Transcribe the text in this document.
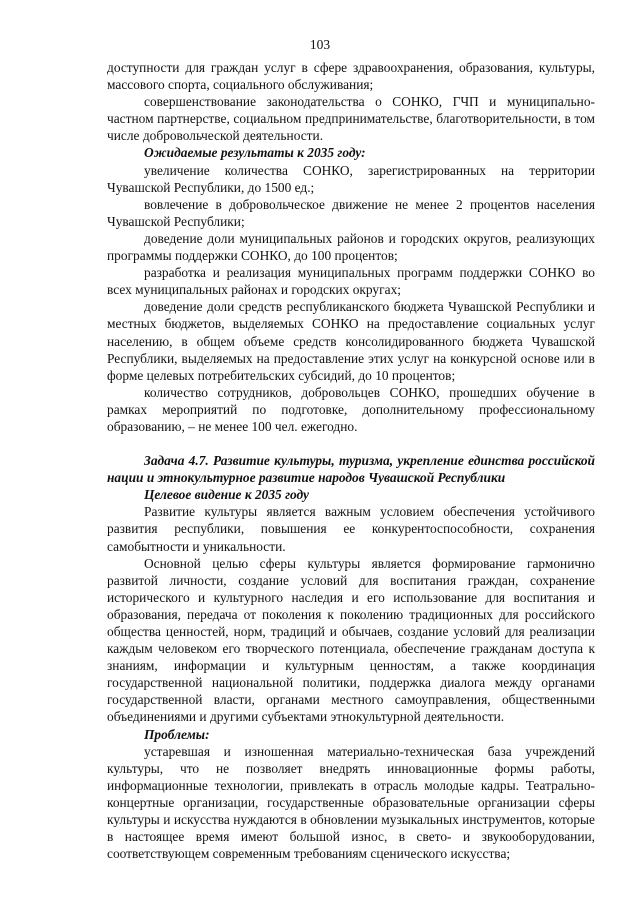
103

доступности для граждан услуг в сфере здравоохранения, образования, культуры, массового спорта, социального обслуживания;

совершенствование законодательства о СОНКО, ГЧП и муниципально-частном партнерстве, социальном предпринимательстве, благотворительности, в том числе добровольческой деятельности.

Ожидаемые результаты к 2035 году:

увеличение количества СОНКО, зарегистрированных на территории Чувашской Республики, до 1500 ед.;

вовлечение в добровольческое движение не менее 2 процентов населения Чувашской Республики;

доведение доли муниципальных районов и городских округов, реализующих программы поддержки СОНКО, до 100 процентов;

разработка и реализация муниципальных программ поддержки СОНКО во всех муниципальных районах и городских округах;

доведение доли средств республиканского бюджета Чувашской Республики и местных бюджетов, выделяемых СОНКО на предоставление социальных услуг населению, в общем объеме средств консолидированного бюджета Чувашской Республики, выделяемых на предоставление этих услуг на конкурсной основе или в форме целевых потребительских субсидий, до 10 процентов;

количество сотрудников, добровольцев СОНКО, прошедших обучение в рамках мероприятий по подготовке, дополнительному профессиональному образованию, – не менее 100 чел. ежегодно.

Задача 4.7. Развитие культуры, туризма, укрепление единства российской нации и этнокультурное развитие народов Чувашской Республики

Целевое видение к 2035 году

Развитие культуры является важным условием обеспечения устойчивого развития республики, повышения ее конкурентоспособности, сохранения самобытности и уникальности.

Основной целью сферы культуры является формирование гармонично развитой личности, создание условий для воспитания граждан, сохранение исторического и культурного наследия и его использование для воспитания и образования, передача от поколения к поколению традиционных для российского общества ценностей, норм, традиций и обычаев, создание условий для реализации каждым человеком его творческого потенциала, обеспечение гражданам доступа к знаниям, информации и культурным ценностям, а также координация государственной национальной политики, поддержка диалога между органами государственной власти, органами местного самоуправления, общественными объединениями и другими субъектами этнокультурной деятельности.

Проблемы:

устаревшая и изношенная материально-техническая база учреждений культуры, что не позволяет внедрять инновационные формы работы, информационные технологии, привлекать в отрасль молодые кадры. Театрально-концертные организации, государственные образовательные организации сферы культуры и искусства нуждаются в обновлении музыкальных инструментов, которые в настоящее время имеют большой износ, в свето- и звукооборудовании, соответствующем современным требованиям сценического искусства;
